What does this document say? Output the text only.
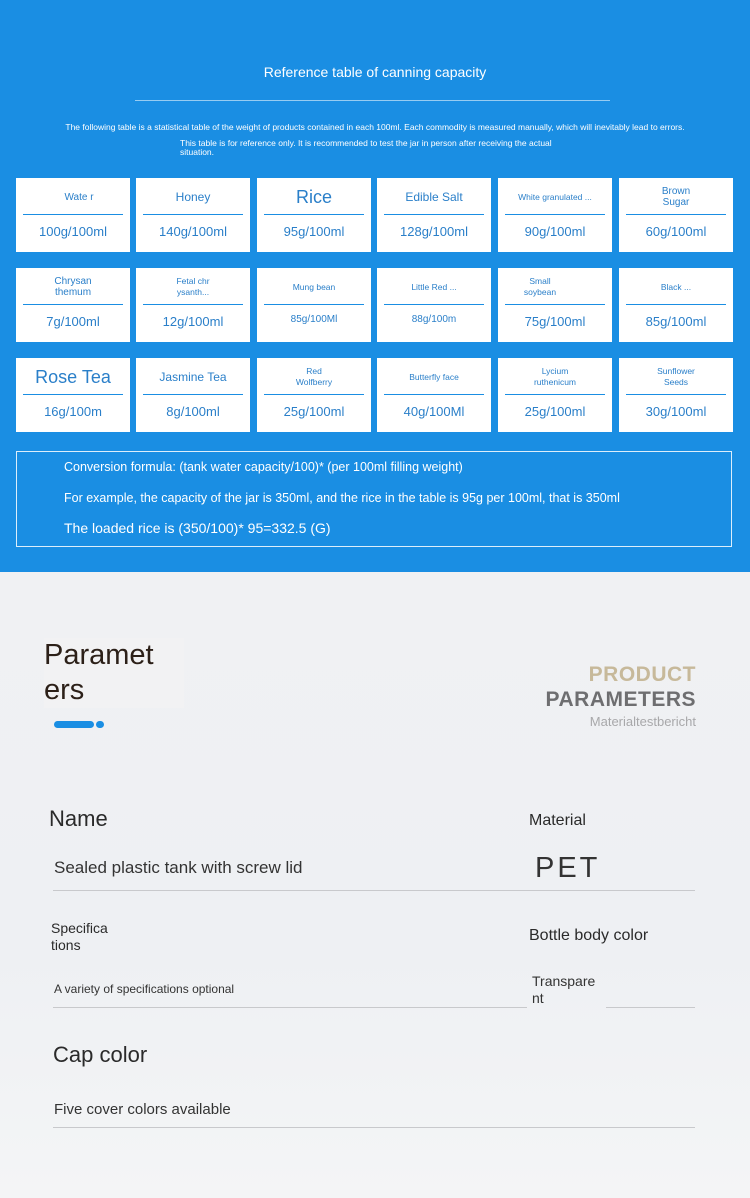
Reference table of canning capacity
The following table is a statistical table of the weight of products contained in each 100ml. Each commodity is measured manually, which will inevitably lead to errors.
This table is for reference only. It is recommended to test the jar in person after receiving the actual situation.
Wate r
100g/100ml
Honey
140g/100ml
Rice
95g/100ml
Edible Salt
128g/100ml
White granulated ...
90g/100ml
Brown Sugar
60g/100ml
Chrysan themum
7g/100ml
Fetal chr ysanth...
12g/100ml
Mung bean
85g/100Ml
Little Red ...
88g/100m
Small soybean
75g/100ml
Black ...
85g/100ml
Rose Tea
16g/100m
Jasmine Tea
8g/100ml
Red Wolfberry
25g/100ml
Butterfly face
40g/100Ml
Lycium ruthenicum
25g/100ml
Sunflower Seeds
30g/100ml
Conversion formula: (tank water capacity/100)* (per 100ml filling weight)
For example, the capacity of the jar is 350ml, and the rice in the table is 95g per 100ml, that is 350ml
The loaded rice is (350/100)* 95=332.5 (G)
Paramet ers	PRODUCT
PARAMETERS
Materialtestbericht
Name
Sealed plastic tank with screw lid
Material
PET
Specifica tions
A variety of specifications optional
Bottle body color
Transpare nt
Cap color
Five cover colors available
